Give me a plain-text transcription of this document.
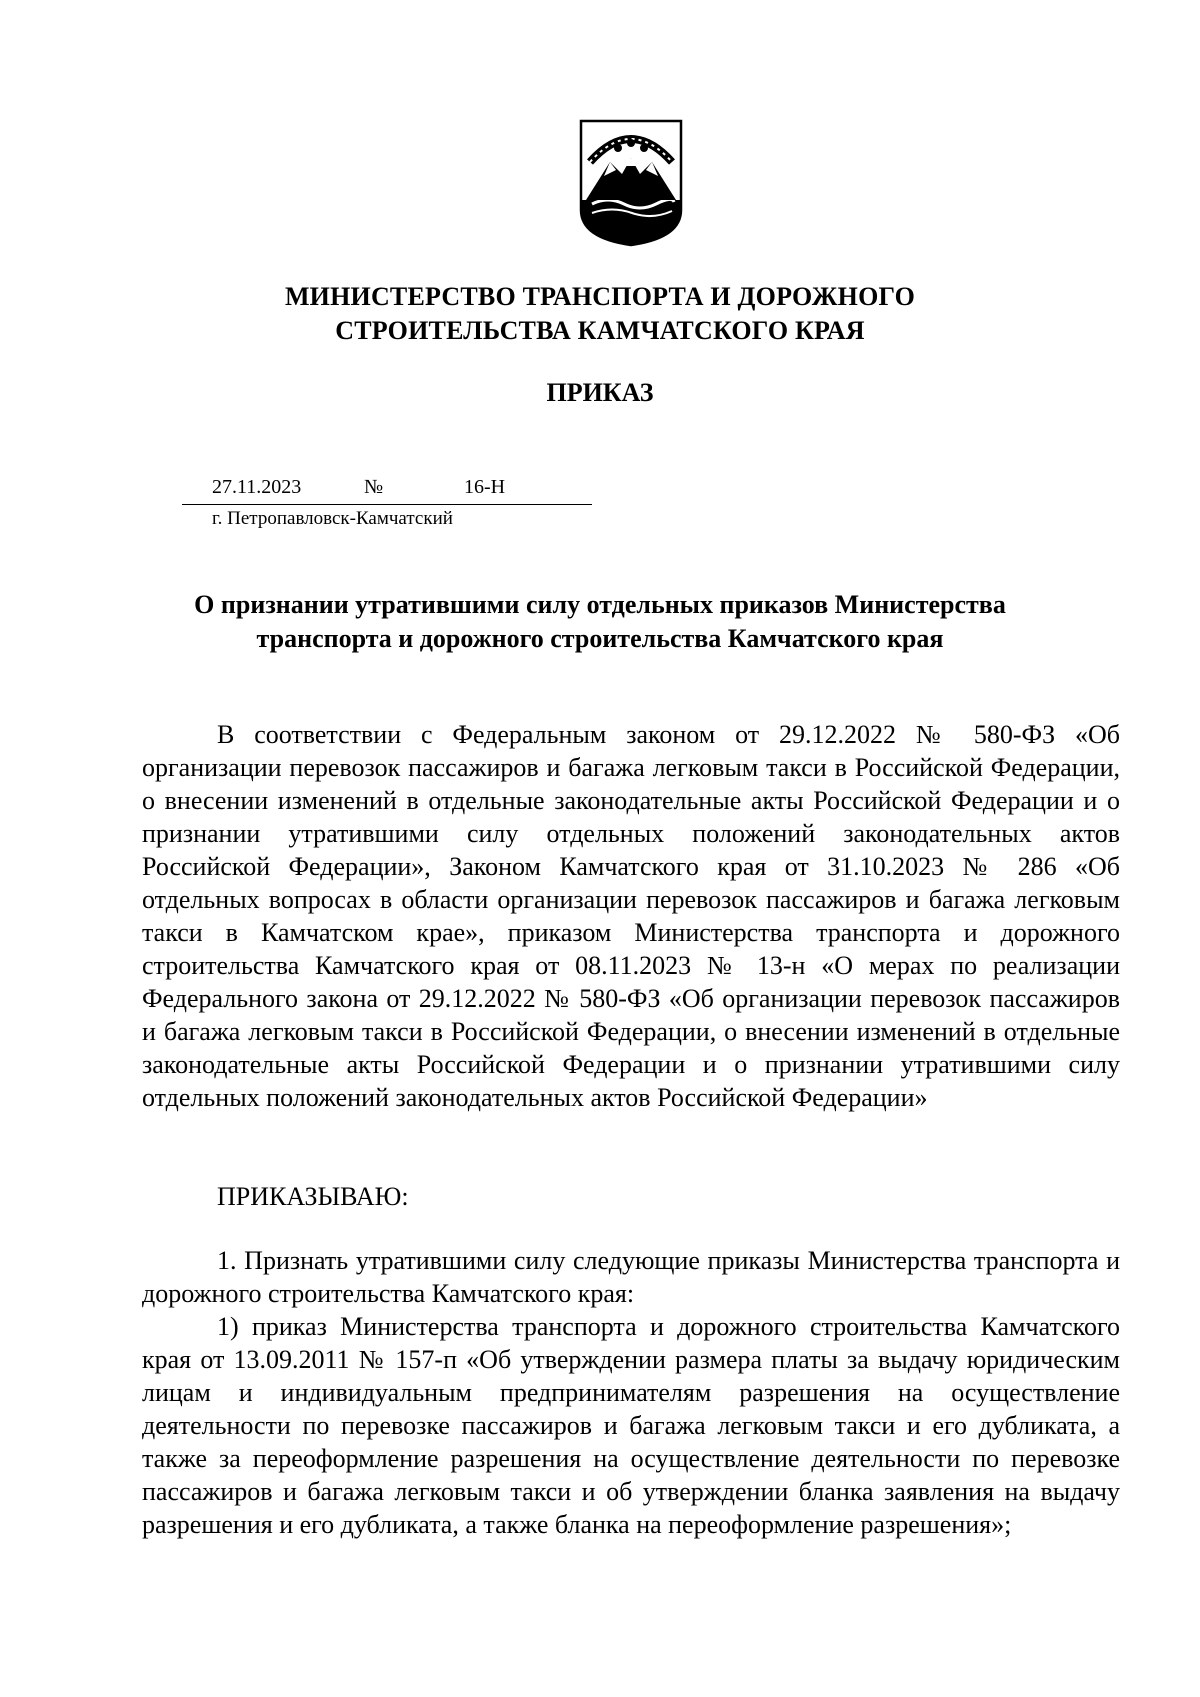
МИНИСТЕРСТВО ТРАНСПОРТА И ДОРОЖНОГО
СТРОИТЕЛЬСТВА КАМЧАТСКОГО КРАЯ
ПРИКАЗ
27.11.2023	№	16-Н
г. Петропавловск-Камчатский
О признании утратившими силу отдельных приказов Министерства
транспорта и дорожного строительства Камчатского края

В соответствии с Федеральным законом от 29.12.2022 № 580-ФЗ «Об организации перевозок пассажиров и багажа легковым такси в Российской Федерации, о внесении изменений в отдельные законодательные акты Российской Федерации и о признании утратившими силу отдельных положений законодательных актов Российской Федерации», Законом Камчатского края от 31.10.2023 № 286 «Об отдельных вопросах в области организации перевозок пассажиров и багажа легковым такси в Камчатском крае», приказом Министерства транспорта и дорожного строительства Камчатского края от 08.11.2023 № 13-н «О мерах по реализации Федерального закона от 29.12.2022 № 580-ФЗ «Об организации перевозок пассажиров и багажа легковым такси в Российской Федерации, о внесении изменений в отдельные законодательные акты Российской Федерации и о признании утратившими силу отдельных положений законодательных актов Российской Федерации»

ПРИКАЗЫВАЮ:

1. Признать утратившими силу следующие приказы Министерства транспорта и дорожного строительства Камчатского края:

1) приказ Министерства транспорта и дорожного строительства Камчатского края от 13.09.2011 № 157-п «Об утверждении размера платы за выдачу юридическим лицам и индивидуальным предпринимателям разрешения на осуществление деятельности по перевозке пассажиров и багажа легковым такси и его дубликата, а также за переоформление разрешения на осуществление деятельности по перевозке пассажиров и багажа легковым такси и об утверждении бланка заявления на выдачу разрешения и его дубликата, а также бланка на переоформление разрешения»;
